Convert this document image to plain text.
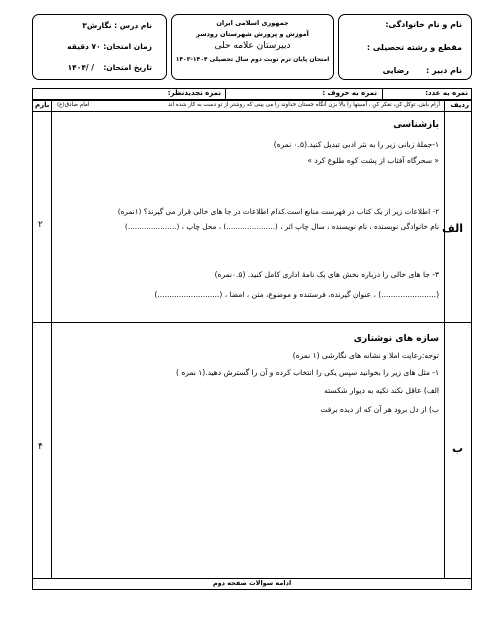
نام و نام خانوادگی:
مقطع و رشته تحصیلی :
نام دبیر :
رضایی
جمهوری اسلامی ایران
آموزش و پرورش شهرستان رودسر
دبیرستان علامه حلی
امتحان پایان ترم نوبت دوم سال تحصیلی ۱۴۰۴-۱۴۰۳
نام درس : نگارش۳
زمان امتحان: ۷۰ دقیقه
تاریخ امتحان:
/ /۱۴۰۴
نمره به عدد:
نمره به حروف :
نمره تجدیدنظر:
ردیف
بارم	آرام باش، توکل کن، تفکر کن ، آسیتها را بالا بزن آنگاه جستان خداوند را می بینی که روشتر از تو دست به کار شده اند
امام صادق(ع)
الف
۲
بازشناسی
۱-جملهٔ زبانی زیر را به نثر ادبی تبدیل کنید.(۰.۵ نمره)
« سحرگاه آفتاب از پشت کوه طلوع کرد »
۲- اطلاعات زیر از یک کتاب در فهرست منابع است.کدام اطلاعات در جا های خالی قرار می گیرند؟ (۱نمره)
نام خانوادگی نویسنده ، نام نویسنده ، سال چاپ اثر ، (.....................) ، محل چاپ ، (.....................)
۳- جا های خالی را درباره بخش های یک نامهٔ اداری کامل کنید. (۰.۵نمره)
(.......................) ، عنوان گیرنده، فرستنده و موضوع، متن ، امضا ، (..........................)
ب
۴
سازه های نوشتاری
توجه:رعایت املا و نشانه های نگارشی (۱ نمره)
۱- مثل های زیر را بخوانید سپس یکی را انتخاب کرده و آن را گسترش دهید.(۱ نمره )
الف) عاقل نکند تکیه به دیوار شکسته
ب) از دل برود هر آن که از دیده برفت
ادامه سوالات صفحه دوم
